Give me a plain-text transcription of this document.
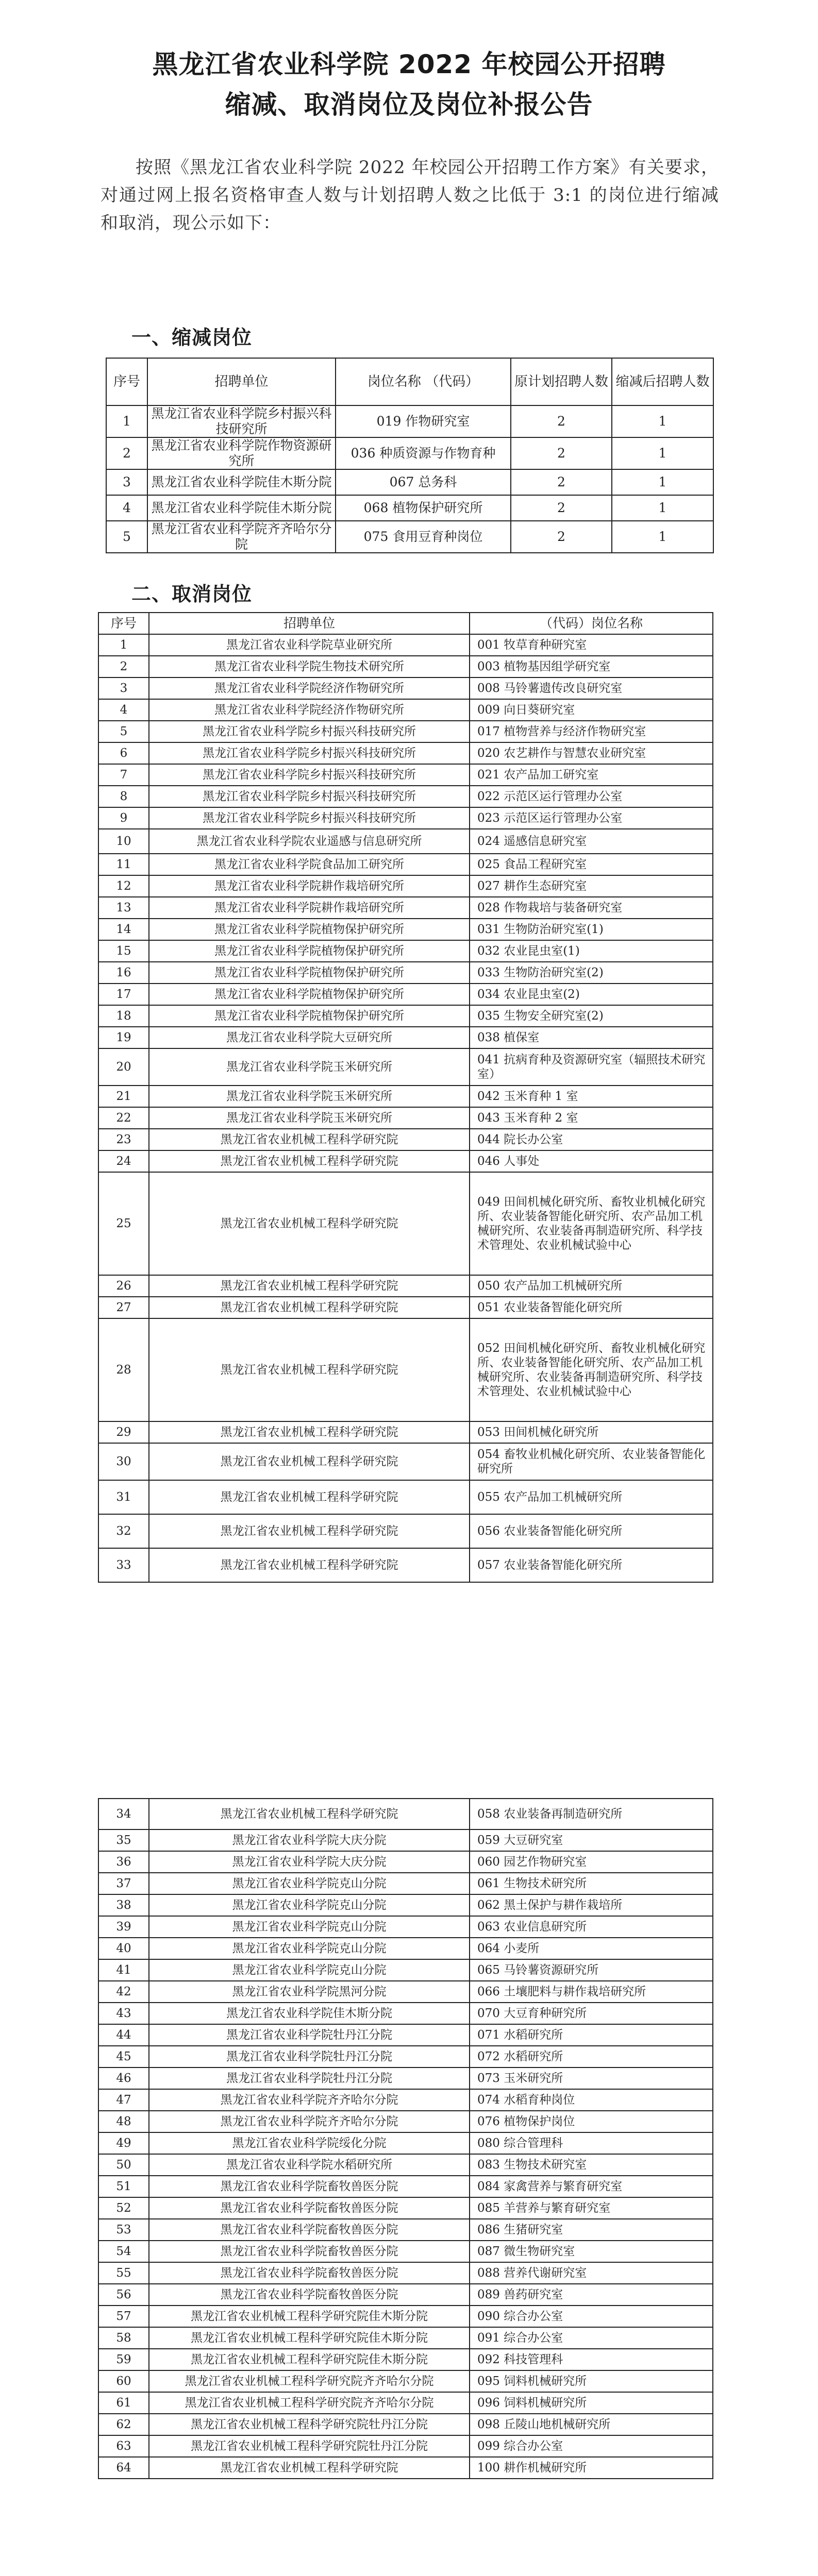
黑龙江省农业科学院 2022 年校园公开招聘
缩减、取消岗位及岗位补报公告
按照《黑龙江省农业科学院 2022 年校园公开招聘工作方案》有关要求，对通过网上报名资格审查人数与计划招聘人数之比低于 3:1 的岗位进行缩减和取消，现公示如下：
一、缩减岗位
序号	招聘单位	岗位名称 （代码）	原计划招聘人数	缩减后招聘人数
1	黑龙江省农业科学院乡村振兴科技研究所	019 作物研究室	2	1
2	黑龙江省农业科学院作物资源研究所	036 种质资源与作物育种	2	1
3	黑龙江省农业科学院佳木斯分院	067 总务科	2	1
4	黑龙江省农业科学院佳木斯分院	068 植物保护研究所	2	1
5	黑龙江省农业科学院齐齐哈尔分院	075 食用豆育种岗位	2	1
二、取消岗位
序号	招聘单位	（代码）岗位名称
1	黑龙江省农业科学院草业研究所	001 牧草育种研究室
2	黑龙江省农业科学院生物技术研究所	003 植物基因组学研究室
3	黑龙江省农业科学院经济作物研究所	008 马铃薯遗传改良研究室
4	黑龙江省农业科学院经济作物研究所	009 向日葵研究室
5	黑龙江省农业科学院乡村振兴科技研究所	017 植物营养与经济作物研究室
6	黑龙江省农业科学院乡村振兴科技研究所	020 农艺耕作与智慧农业研究室
7	黑龙江省农业科学院乡村振兴科技研究所	021 农产品加工研究室
8	黑龙江省农业科学院乡村振兴科技研究所	022 示范区运行管理办公室
9	黑龙江省农业科学院乡村振兴科技研究所	023 示范区运行管理办公室
10	黑龙江省农业科学院农业遥感与信息研究所	024 遥感信息研究室
11	黑龙江省农业科学院食品加工研究所	025 食品工程研究室
12	黑龙江省农业科学院耕作栽培研究所	027 耕作生态研究室
13	黑龙江省农业科学院耕作栽培研究所	028 作物栽培与装备研究室
14	黑龙江省农业科学院植物保护研究所	031 生物防治研究室(1)
15	黑龙江省农业科学院植物保护研究所	032 农业昆虫室(1)
16	黑龙江省农业科学院植物保护研究所	033 生物防治研究室(2)
17	黑龙江省农业科学院植物保护研究所	034 农业昆虫室(2)
18	黑龙江省农业科学院植物保护研究所	035 生物安全研究室(2)
19	黑龙江省农业科学院大豆研究所	038 植保室
20	黑龙江省农业科学院玉米研究所	041 抗病育种及资源研究室（辐照技术研究室）
21	黑龙江省农业科学院玉米研究所	042 玉米育种 1 室
22	黑龙江省农业科学院玉米研究所	043 玉米育种 2 室
23	黑龙江省农业机械工程科学研究院	044 院长办公室
24	黑龙江省农业机械工程科学研究院	046 人事处
25	黑龙江省农业机械工程科学研究院	049 田间机械化研究所、畜牧业机械化研究所、农业装备智能化研究所、农产品加工机械研究所、农业装备再制造研究所、科学技术管理处、农业机械试验中心
26	黑龙江省农业机械工程科学研究院	050 农产品加工机械研究所
27	黑龙江省农业机械工程科学研究院	051 农业装备智能化研究所
28	黑龙江省农业机械工程科学研究院	052 田间机械化研究所、畜牧业机械化研究所、农业装备智能化研究所、农产品加工机械研究所、农业装备再制造研究所、科学技术管理处、农业机械试验中心
29	黑龙江省农业机械工程科学研究院	053 田间机械化研究所
30	黑龙江省农业机械工程科学研究院	054 畜牧业机械化研究所、农业装备智能化研究所
31	黑龙江省农业机械工程科学研究院	055 农产品加工机械研究所
32	黑龙江省农业机械工程科学研究院	056 农业装备智能化研究所
33	黑龙江省农业机械工程科学研究院	057 农业装备智能化研究所
34	黑龙江省农业机械工程科学研究院	058 农业装备再制造研究所
35	黑龙江省农业科学院大庆分院	059 大豆研究室
36	黑龙江省农业科学院大庆分院	060 园艺作物研究室
37	黑龙江省农业科学院克山分院	061 生物技术研究所
38	黑龙江省农业科学院克山分院	062 黑土保护与耕作栽培所
39	黑龙江省农业科学院克山分院	063 农业信息研究所
40	黑龙江省农业科学院克山分院	064 小麦所
41	黑龙江省农业科学院克山分院	065 马铃薯资源研究所
42	黑龙江省农业科学院黑河分院	066 土壤肥料与耕作栽培研究所
43	黑龙江省农业科学院佳木斯分院	070 大豆育种研究所
44	黑龙江省农业科学院牡丹江分院	071 水稻研究所
45	黑龙江省农业科学院牡丹江分院	072 水稻研究所
46	黑龙江省农业科学院牡丹江分院	073 玉米研究所
47	黑龙江省农业科学院齐齐哈尔分院	074 水稻育种岗位
48	黑龙江省农业科学院齐齐哈尔分院	076 植物保护岗位
49	黑龙江省农业科学院绥化分院	080 综合管理科
50	黑龙江省农业科学院水稻研究所	083 生物技术研究室
51	黑龙江省农业科学院畜牧兽医分院	084 家禽营养与繁育研究室
52	黑龙江省农业科学院畜牧兽医分院	085 羊营养与繁育研究室
53	黑龙江省农业科学院畜牧兽医分院	086 生猪研究室
54	黑龙江省农业科学院畜牧兽医分院	087 微生物研究室
55	黑龙江省农业科学院畜牧兽医分院	088 营养代谢研究室
56	黑龙江省农业科学院畜牧兽医分院	089 兽药研究室
57	黑龙江省农业机械工程科学研究院佳木斯分院	090 综合办公室
58	黑龙江省农业机械工程科学研究院佳木斯分院	091 综合办公室
59	黑龙江省农业机械工程科学研究院佳木斯分院	092 科技管理科
60	黑龙江省农业机械工程科学研究院齐齐哈尔分院	095 饲料机械研究所
61	黑龙江省农业机械工程科学研究院齐齐哈尔分院	096 饲料机械研究所
62	黑龙江省农业机械工程科学研究院牡丹江分院	098 丘陵山地机械研究所
63	黑龙江省农业机械工程科学研究院牡丹江分院	099 综合办公室
64	黑龙江省农业机械工程科学研究院	100 耕作机械研究所
